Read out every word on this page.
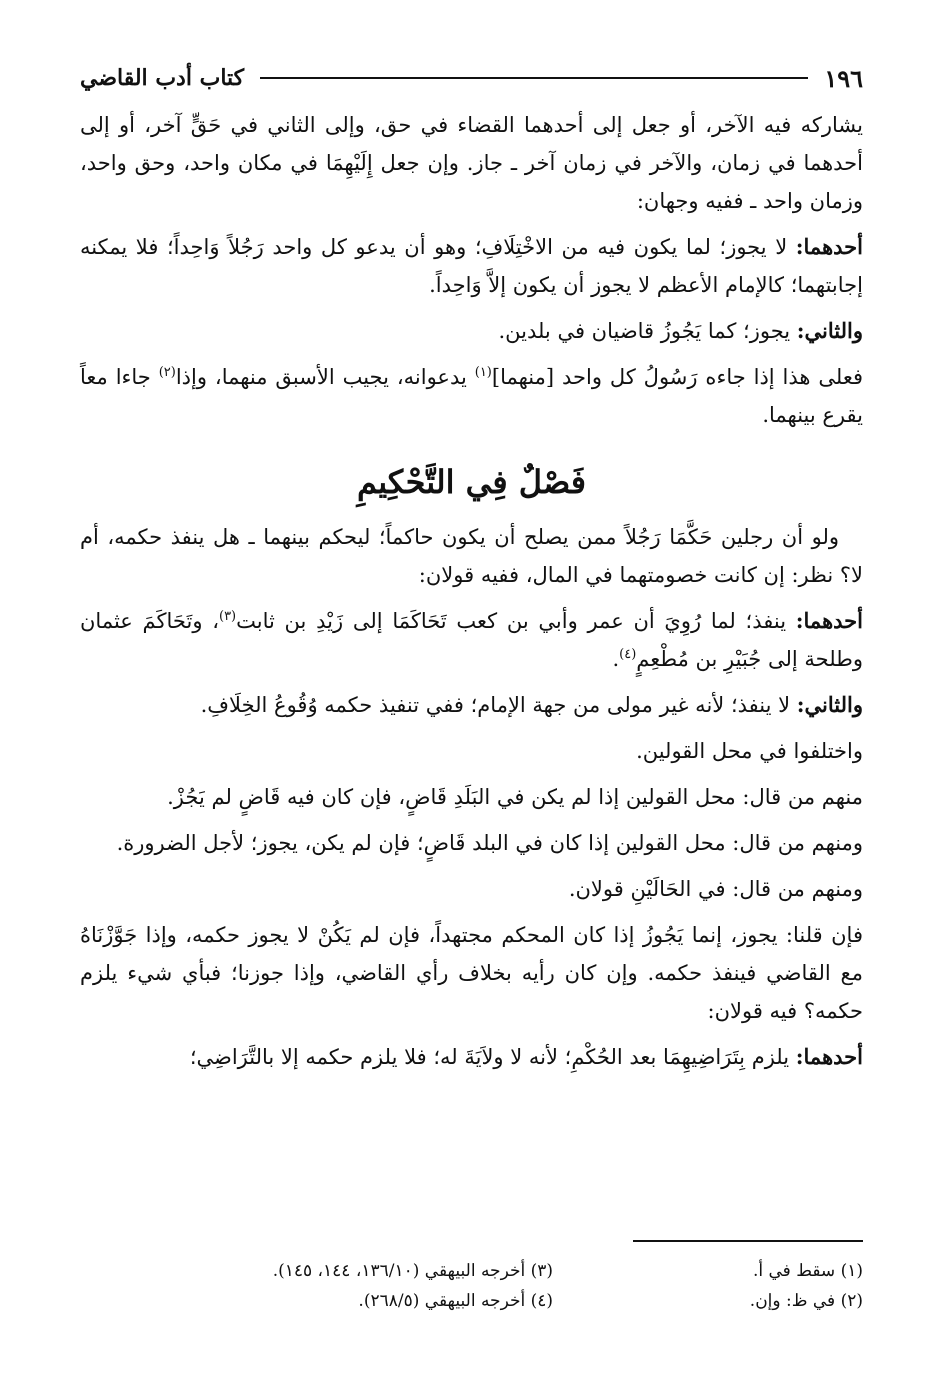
١٩٦
كتاب أدب القاضي

يشاركه فيه الآخر، أو جعل إلى أحدهما القضاء في حق، وإلى الثاني في حَقٍّ آخر، أو إلى أحدهما في زمان، والآخر في زمان آخر ـ جاز. وإن جعل إِلَيْهِمَا في مكان واحد، وحق واحد، وزمان واحد ـ ففيه وجهان:

أحدهما: لا يجوز؛ لما يكون فيه من الاخْتِلَافِ؛ وهو أن يدعو كل واحد رَجُلاً وَاحِداً؛ فلا يمكنه إجابتهما؛ كالإمام الأعظم لا يجوز أن يكون إلاَّ وَاحِداً.

والثاني: يجوز؛ كما يَجُوزُ قاضيان في بلدين.

فعلى هذا إذا جاءه رَسُولُ كل واحد [منهما]$^{(١)}$ يدعوانه، يجيب الأسبق منهما، وإذا$^{(٢)}$ جاءا معاً يقرع بينهما.

فَصْلٌ فِي التَّحْكِيمِ

ولو أن رجلين حَكَّمَا رَجُلاً ممن يصلح أن يكون حاكماً؛ ليحكم بينهما ـ هل ينفذ حكمه، أم لا؟ نظر: إن كانت خصومتهما في المال، ففيه قولان:

أحدهما: ينفذ؛ لما رُوِيَ أن عمر وأبي بن كعب تَحَاكَمَا إلى زَيْدِ بن ثابت$^{(٣)}$، وتَحَاكَمَ عثمان وطلحة إلى جُبَيْرِ بن مُطْعِمٍ$^{(٤)}$.

والثاني: لا ينفذ؛ لأنه غير مولى من جهة الإمام؛ ففي تنفيذ حكمه وُقُوعُ الخِلَافِ.

واختلفوا في محل القولين.

منهم من قال: محل القولين إذا لم يكن في البَلَدِ قَاضٍ، فإن كان فيه قَاضٍ لم يَجُزْ.

ومنهم من قال: محل القولين إذا كان في البلد قَاضٍ؛ فإن لم يكن، يجوز؛ لأجل الضرورة.

ومنهم من قال: في الحَالَيْنِ قولان.

فإن قلنا: يجوز، إنما يَجُوزُ إذا كان المحكم مجتهداً، فإن لم يَكُنْ لا يجوز حكمه، وإذا جَوَّزْنَاهُ مع القاضي فينفذ حكمه. وإن كان رأيه بخلاف رأي القاضي، وإذا جوزنا؛ فبأي شيء يلزم حكمه؟ فيه قولان:

أحدهما: يلزم بِتَرَاضِيهِمَا بعد الحُكْمِ؛ لأنه لا ولاَيَةَ له؛ فلا يلزم حكمه إلا بالتَّرَاضِي؛

(١) سقط في أ.
(٢) في ظ: وإن.
(٣) أخرجه البيهقي (١٣٦/١٠، ١٤٤، ١٤٥).
(٤) أخرجه البيهقي (٢٦٨/٥).
